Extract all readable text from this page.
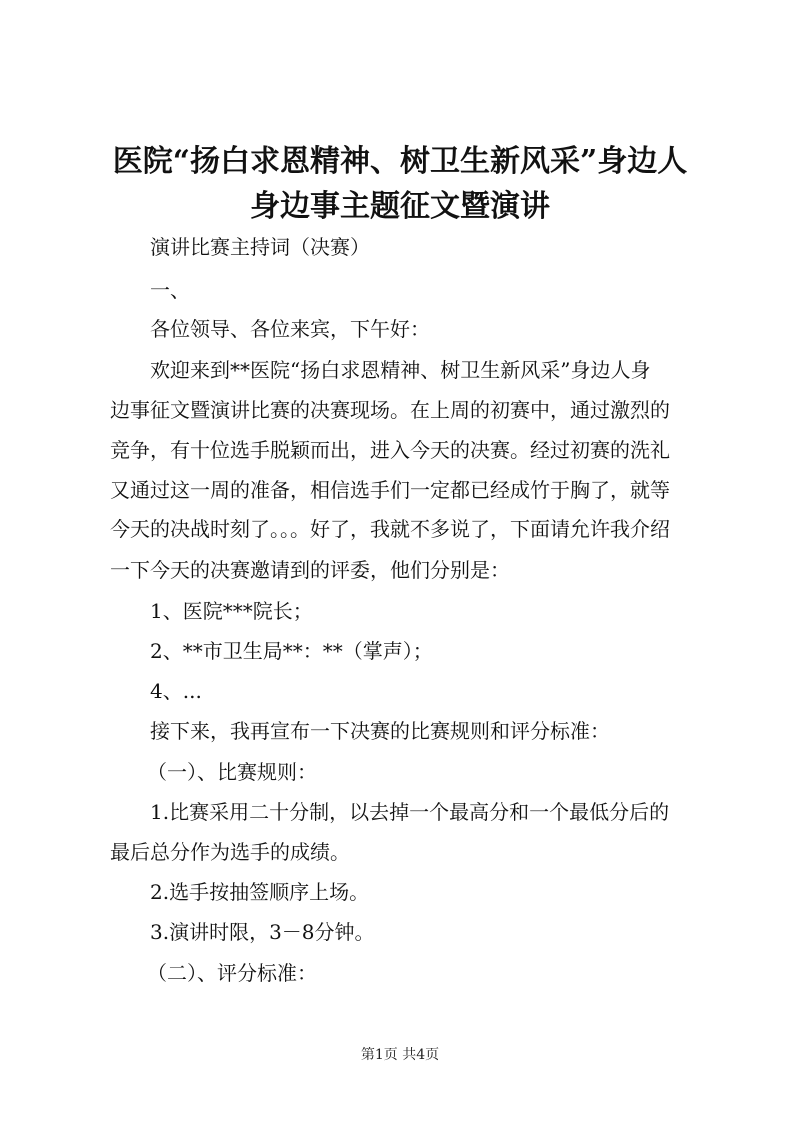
医院“扬白求恩精神、树卫生新风采”身边人
身边事主题征文暨演讲

演讲比赛主持词（决赛）

一、

各位领导、各位来宾，下午好：

欢迎来到**医院“扬白求恩精神、树卫生新风采”身边人身

边事征文暨演讲比赛的决赛现场。在上周的初赛中，通过激烈的

竞争，有十位选手脱颖而出，进入今天的决赛。经过初赛的洗礼

又通过这一周的准备，相信选手们一定都已经成竹于胸了，就等

今天的决战时刻了。。。好了，我就不多说了，下面请允许我介绍

一下今天的决赛邀请到的评委，他们分别是：

1、医院***院长；

2、**市卫生局**：**（掌声）；

4、...

接下来，我再宣布一下决赛的比赛规则和评分标准：

（一）、比赛规则：

1.比赛采用二十分制，以去掉一个最高分和一个最低分后的

最后总分作为选手的成绩。

2.选手按抽签顺序上场。

3.演讲时限，3－8分钟。

（二）、评分标准：

第1页 共4页
